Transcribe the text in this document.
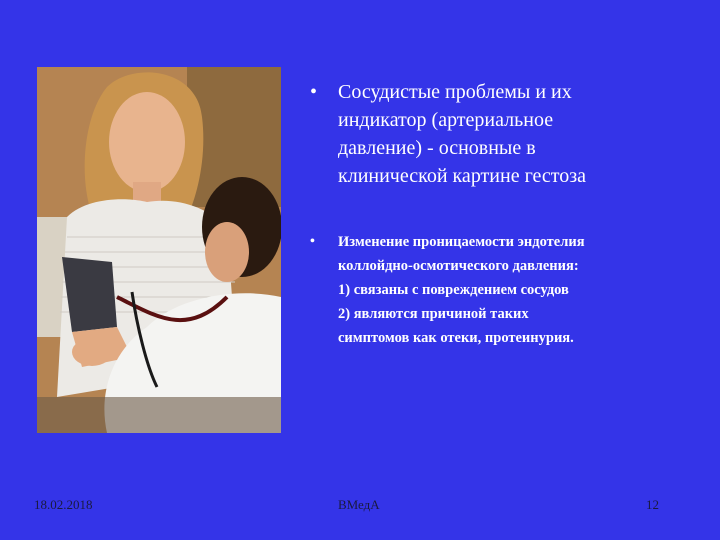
• Сосудистые проблемы и их
индикатор (артериальное
давление) - основные в
клинической картине гестоза
• Изменение проницаемости эндотелия
коллойдно-осмотического давления:
1) связаны с повреждением сосудов
2) являются причиной таких
симптомов как отеки, протеинурия.
18.02.2018	ВМедА	12
